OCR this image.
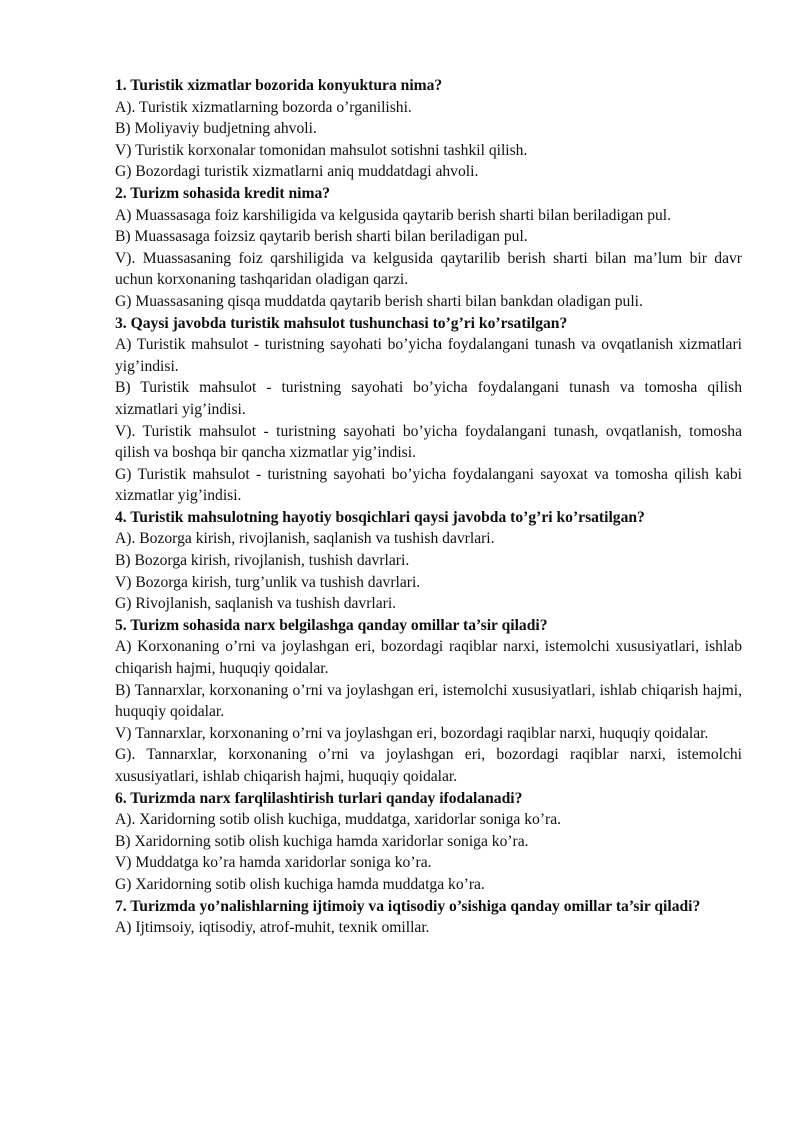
1. Turistik xizmatlar bozorida konyuktura nima?
A). Turistik xizmatlarning bozorda o’rganilishi.
B) Moliyaviy budjetning ahvoli.
V) Turistik korxonalar tomonidan mahsulot sotishni tashkil qilish.
G) Bozordagi turistik xizmatlarni aniq muddatdagi ahvoli.
2. Turizm sohasida kredit nima?
A) Muassasaga foiz karshiligida va kelgusida qaytarib berish sharti bilan beriladigan pul.
B) Muassasaga foizsiz qaytarib berish sharti bilan beriladigan pul.
V). Muassasaning foiz qarshiligida va kelgusida qaytarilib berish sharti bilan ma’lum bir davr uchun korxonaning tashqaridan oladigan qarzi.
G) Muassasaning qisqa muddatda qaytarib berish sharti bilan bankdan oladigan puli.
3. Qaysi javobda turistik mahsulot tushunchasi to’g’ri ko’rsatilgan?
A) Turistik mahsulot - turistning sayohati bo’yicha foydalangani tunash va ovqatlanish xizmatlari yig’indisi.
B) Turistik mahsulot - turistning sayohati bo’yicha foydalangani tunash va tomosha qilish xizmatlari yig’indisi.
V). Turistik mahsulot - turistning sayohati bo’yicha foydalangani tunash, ovqatlanish, tomosha qilish va boshqa bir qancha xizmatlar yig’indisi.
G) Turistik mahsulot - turistning sayohati bo’yicha foydalangani sayoxat va tomosha qilish kabi xizmatlar yig’indisi.
4. Turistik mahsulotning hayotiy bosqichlari qaysi javobda to’g’ri ko’rsatilgan?
A). Bozorga kirish, rivojlanish, saqlanish va tushish davrlari.
B) Bozorga kirish, rivojlanish, tushish davrlari.
V) Bozorga kirish, turg’unlik va tushish davrlari.
G) Rivojlanish, saqlanish va tushish davrlari.
5. Turizm sohasida narx belgilashga qanday omillar ta’sir qiladi?
A) Korxonaning o’rni va joylashgan eri, bozordagi raqiblar narxi, istemolchi xususiyatlari, ishlab chiqarish hajmi, huquqiy qoidalar.
B) Tannarxlar, korxonaning o’rni va joylashgan eri, istemolchi xususiyatlari, ishlab chiqarish hajmi, huquqiy qoidalar.
V) Tannarxlar, korxonaning o’rni va joylashgan eri, bozordagi raqiblar narxi, huquqiy qoidalar.
G). Tannarxlar, korxonaning o’rni va joylashgan eri, bozordagi raqiblar narxi, istemolchi xususiyatlari, ishlab chiqarish hajmi, huquqiy qoidalar.
6. Turizmda narx farqlilashtirish turlari qanday ifodalanadi?
A). Xaridorning sotib olish kuchiga, muddatga, xaridorlar soniga ko’ra.
B) Xaridorning sotib olish kuchiga hamda xaridorlar soniga ko’ra.
V) Muddatga ko’ra hamda xaridorlar soniga ko’ra.
G) Xaridorning sotib olish kuchiga hamda muddatga ko’ra.
7. Turizmda yo’nalishlarning ijtimoiy va iqtisodiy o’sishiga qanday omillar ta’sir qiladi?
A) Ijtimsoiy, iqtisodiy, atrof-muhit, texnik omillar.
